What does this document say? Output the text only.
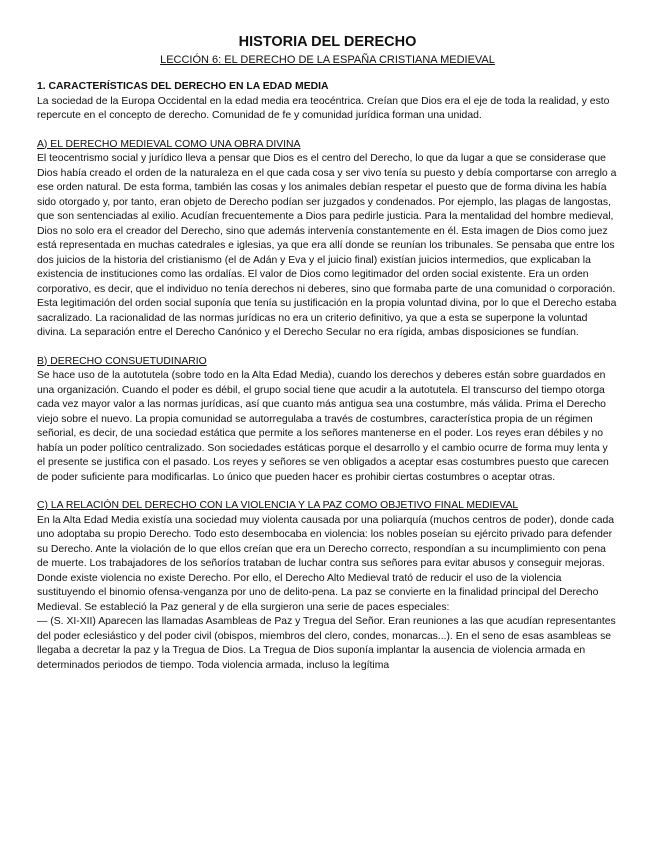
HISTORIA DEL DERECHO
LECCIÓN 6: EL DERECHO DE LA ESPAÑA CRISTIANA MEDIEVAL
1. CARACTERÍSTICAS DEL DERECHO EN LA EDAD MEDIA

La sociedad de la Europa Occidental en la edad media era teocéntrica. Creían que Dios era el eje de toda la realidad, y esto repercute en el concepto de derecho. Comunidad de fe y comunidad jurídica forman una unidad.

A) EL DERECHO MEDIEVAL COMO UNA OBRA DIVINA

El teocentrismo social y jurídico lleva a pensar que Dios es el centro del Derecho, lo que da lugar a que se considerase que Dios había creado el orden de la naturaleza en el que cada cosa y ser vivo tenía su puesto y debía comportarse con arreglo a ese orden natural. De esta forma, también las cosas y los animales debían respetar el puesto que de forma divina les había sido otorgado y, por tanto, eran objeto de Derecho podían ser juzgados y condenados. Por ejemplo, las plagas de langostas, que son sentenciadas al exilio. Acudían frecuentemente a Dios para pedirle justicia. Para la mentalidad del hombre medieval, Dios no solo era el creador del Derecho, sino que además intervenía constantemente en él. Esta imagen de Dios como juez está representada en muchas catedrales e iglesias, ya que era allí donde se reunían los tribunales. Se pensaba que entre los dos juicios de la historia del cristianismo (el de Adán y Eva y el juicio final) existían juicios intermedios, que explicaban la existencia de instituciones como las ordalías. El valor de Dios como legitimador del orden social existente. Era un orden corporativo, es decir, que el individuo no tenía derechos ni deberes, sino que formaba parte de una comunidad o corporación. Esta legitimación del orden social suponía que tenía su justificación en la propia voluntad divina, por lo que el Derecho estaba sacralizado. La racionalidad de las normas jurídicas no era un criterio definitivo, ya que a esta se superpone la voluntad divina. La separación entre el Derecho Canónico y el Derecho Secular no era rígida, ambas disposiciones se fundían.

B) DERECHO CONSUETUDINARIO

Se hace uso de la autotutela (sobre todo en la Alta Edad Media), cuando los derechos y deberes están sobre guardados en una organización. Cuando el poder es débil, el grupo social tiene que acudir a la autotutela. El transcurso del tiempo otorga cada vez mayor valor a las normas jurídicas, así que cuanto más antigua sea una costumbre, más válida. Prima el Derecho viejo sobre el nuevo. La propia comunidad se autorregulaba a través de costumbres, característica propia de un régimen señorial, es decir, de una sociedad estática que permite a los señores mantenerse en el poder. Los reyes eran débiles y no había un poder político centralizado. Son sociedades estáticas porque el desarrollo y el cambio ocurre de forma muy lenta y el presente se justifica con el pasado. Los reyes y señores se ven obligados a aceptar esas costumbres puesto que carecen de poder suficiente para modificarlas. Lo único que pueden hacer es prohibir ciertas costumbres o aceptar otras.

C) LA RELACIÓN DEL DERECHO CON LA VIOLENCIA Y LA PAZ COMO OBJETIVO FINAL MEDIEVAL

En la Alta Edad Media existía una sociedad muy violenta causada por una poliarquía (muchos centros de poder), donde cada uno adoptaba su propio Derecho. Todo esto desembocaba en violencia: los nobles poseían su ejército privado para defender su Derecho. Ante la violación de lo que ellos creían que era un Derecho correcto, respondían a su incumplimiento con pena de muerte. Los trabajadores de los señoríos trataban de luchar contra sus señores para evitar abusos y conseguir mejoras. Donde existe violencia no existe Derecho. Por ello, el Derecho Alto Medieval trató de reducir el uso de la violencia sustituyendo el binomio ofensa-venganza por uno de delito-pena. La paz se convierte en la finalidad principal del Derecho Medieval. Se estableció la Paz general y de ella surgieron una serie de paces especiales:

— (S. XI-XII) Aparecen las llamadas Asambleas de Paz y Tregua del Señor. Eran reuniones a las que acudían representantes del poder eclesiástico y del poder civil (obispos, miembros del clero, condes, monarcas...). En el seno de esas asambleas se llegaba a decretar la paz y la Tregua de Dios. La Tregua de Dios suponía implantar la ausencia de violencia armada en determinados periodos de tiempo. Toda violencia armada, incluso la legítima
